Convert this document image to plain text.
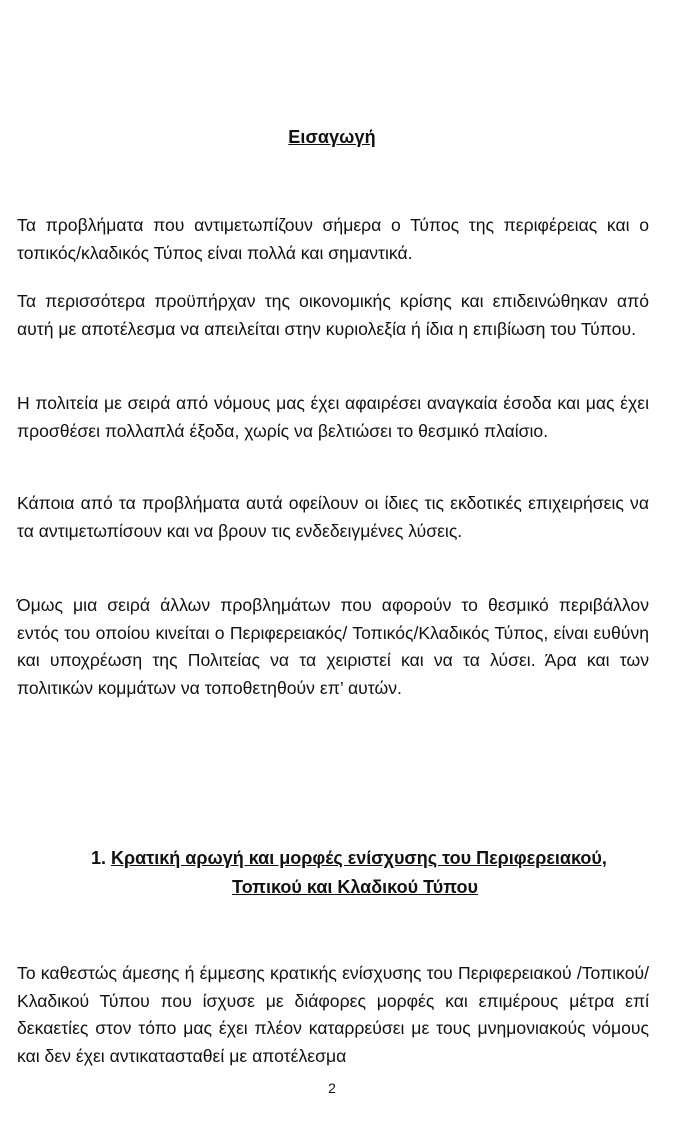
Εισαγωγή

Τα προβλήματα που αντιμετωπίζουν σήμερα ο Τύπος της περιφέρειας και ο τοπικός/κλαδικός Τύπος είναι πολλά και σημαντικά.

Τα περισσότερα προϋπήρχαν της οικονομικής κρίσης και επιδεινώθηκαν από αυτή με αποτέλεσμα να απειλείται στην κυριολεξία ή ίδια η επιβίωση του Τύπου.

Η πολιτεία με σειρά από νόμους μας έχει αφαιρέσει αναγκαία έσοδα και μας έχει προσθέσει πολλαπλά έξοδα, χωρίς να βελτιώσει το θεσμικό πλαίσιο.

Κάποια από τα προβλήματα αυτά οφείλουν οι ίδιες τις εκδοτικές επιχειρήσεις να τα αντιμετωπίσουν και να βρουν τις ενδεδειγμένες λύσεις.

Όμως μια σειρά άλλων προβλημάτων που αφορούν το θεσμικό περιβάλλον εντός του οποίου κινείται ο Περιφερειακός/ Τοπικός/Κλαδικός Τύπος, είναι ευθύνη και υποχρέωση της Πολιτείας να τα χειριστεί και να τα λύσει. Άρα και των πολιτικών κομμάτων να τοποθετηθούν επ’ αυτών.

1. Κρατική αρωγή και μορφές ενίσχυσης του Περιφερειακού,
Τοπικού και Κλαδικού Τύπου

Το καθεστώς άμεσης ή έμμεσης κρατικής ενίσχυσης του Περιφερειακού /Τοπικού/Κλαδικού Τύπου που ίσχυσε με διάφορες μορφές και επιμέρους μέτρα επί δεκαετίες στον τόπο μας έχει πλέον καταρρεύσει με τους μνημονιακούς νόμους και δεν έχει αντικατασταθεί με αποτέλεσμα

2
